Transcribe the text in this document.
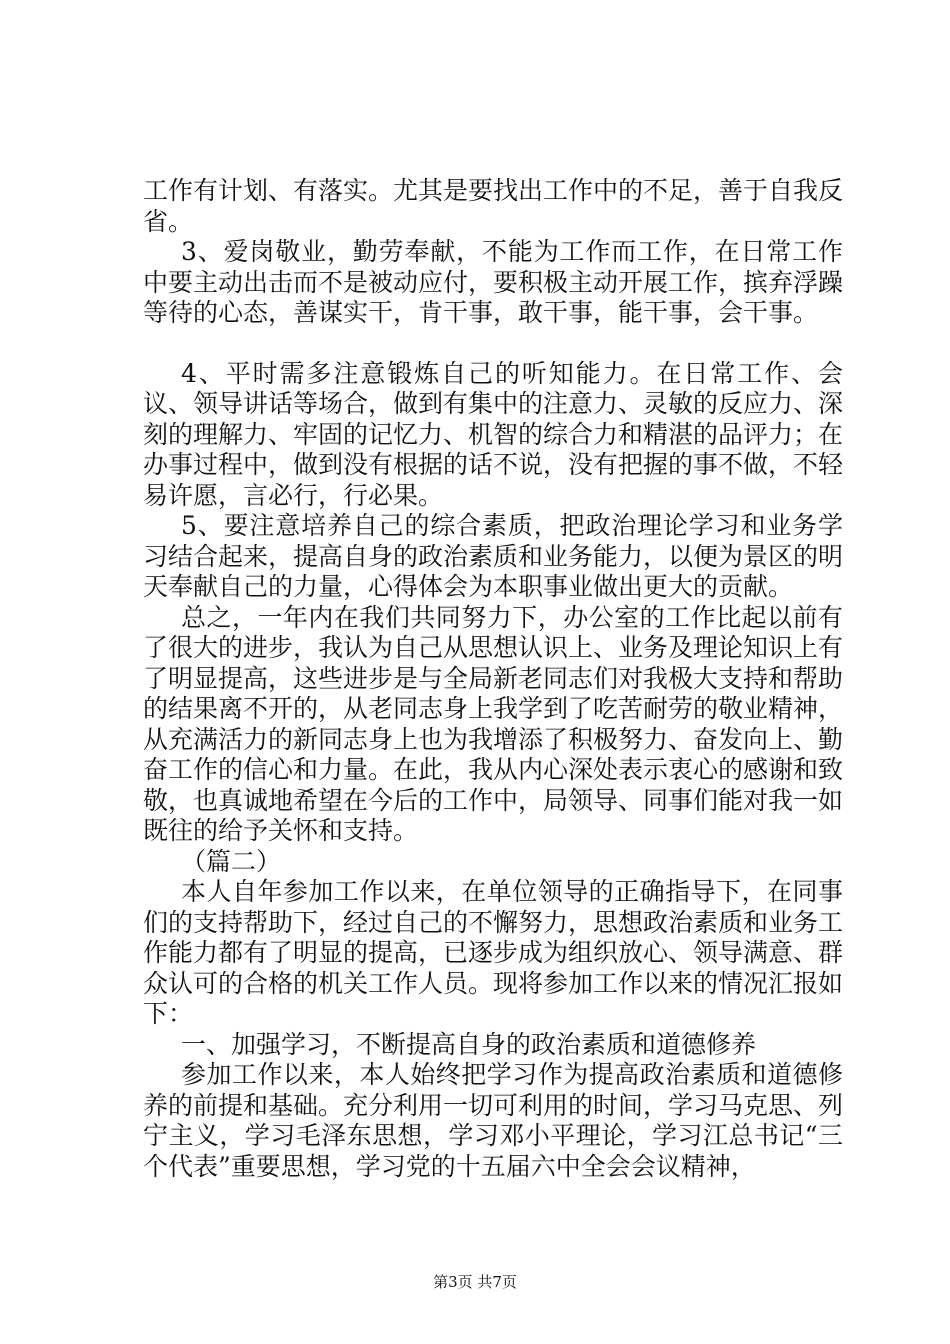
工作有计划、有落实。尤其是要找出工作中的不足，善于自我反省。

3、爱岗敬业，勤劳奉献，不能为工作而工作，在日常工作中要主动出击而不是被动应付，要积极主动开展工作，摈弃浮躁等待的心态，善谋实干，肯干事，敢干事，能干事，会干事。

4、平时需多注意锻炼自己的听知能力。在日常工作、会议、领导讲话等场合，做到有集中的注意力、灵敏的反应力、深刻的理解力、牢固的记忆力、机智的综合力和精湛的品评力；在办事过程中，做到没有根据的话不说，没有把握的事不做，不轻易许愿，言必行，行必果。

5、要注意培养自己的综合素质，把政治理论学习和业务学习结合起来，提高自身的政治素质和业务能力，以便为景区的明天奉献自己的力量，心得体会为本职事业做出更大的贡献。

总之，一年内在我们共同努力下，办公室的工作比起以前有了很大的进步，我认为自己从思想认识上、业务及理论知识上有了明显提高，这些进步是与全局新老同志们对我极大支持和帮助的结果离不开的，从老同志身上我学到了吃苦耐劳的敬业精神，从充满活力的新同志身上也为我增添了积极努力、奋发向上、勤奋工作的信心和力量。在此，我从内心深处表示衷心的感谢和致敬，也真诚地希望在今后的工作中，局领导、同事们能对我一如既往的给予关怀和支持。

（篇二）

本人自年参加工作以来，在单位领导的正确指导下，在同事们的支持帮助下，经过自己的不懈努力，思想政治素质和业务工作能力都有了明显的提高，已逐步成为组织放心、领导满意、群众认可的合格的机关工作人员。现将参加工作以来的情况汇报如下：

一、加强学习，不断提高自身的政治素质和道德修养

参加工作以来，本人始终把学习作为提高政治素质和道德修养的前提和基础。充分利用一切可利用的时间，学习马克思、列宁主义，学习毛泽东思想，学习邓小平理论，学习江总书记“三个代表”重要思想，学习党的十五届六中全会会议精神，

第3页 共7页
